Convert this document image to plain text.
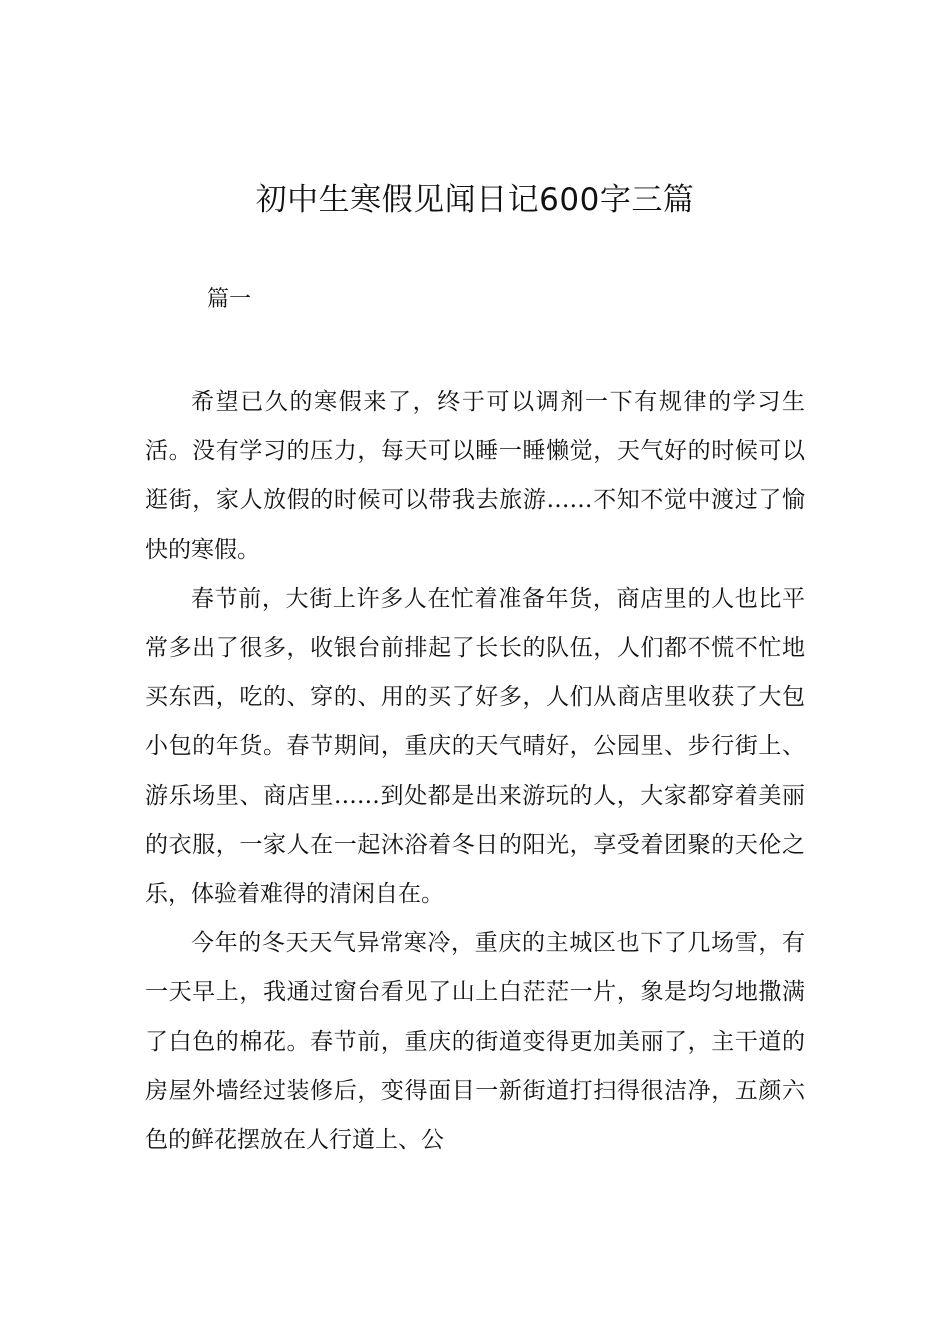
初中生寒假见闻日记600字三篇
篇一

希望已久的寒假来了，终于可以调剂一下有规律的学习生活。没有学习的压力，每天可以睡一睡懒觉，天气好的时候可以逛街，家人放假的时候可以带我去旅游……不知不觉中渡过了愉快的寒假。

春节前，大街上许多人在忙着准备年货，商店里的人也比平常多出了很多，收银台前排起了长长的队伍，人们都不慌不忙地买东西，吃的、穿的、用的买了好多，人们从商店里收获了大包小包的年货。春节期间，重庆的天气晴好，公园里、步行街上、游乐场里、商店里……到处都是出来游玩的人，大家都穿着美丽的衣服，一家人在一起沐浴着冬日的阳光，享受着团聚的天伦之乐，体验着难得的清闲自在。

今年的冬天天气异常寒冷，重庆的主城区也下了几场雪，有一天早上，我通过窗台看见了山上白茫茫一片，象是均匀地撒满了白色的棉花。春节前，重庆的街道变得更加美丽了，主干道的房屋外墙经过装修后，变得面目一新街道打扫得很洁净，五颜六色的鲜花摆放在人行道上、公
